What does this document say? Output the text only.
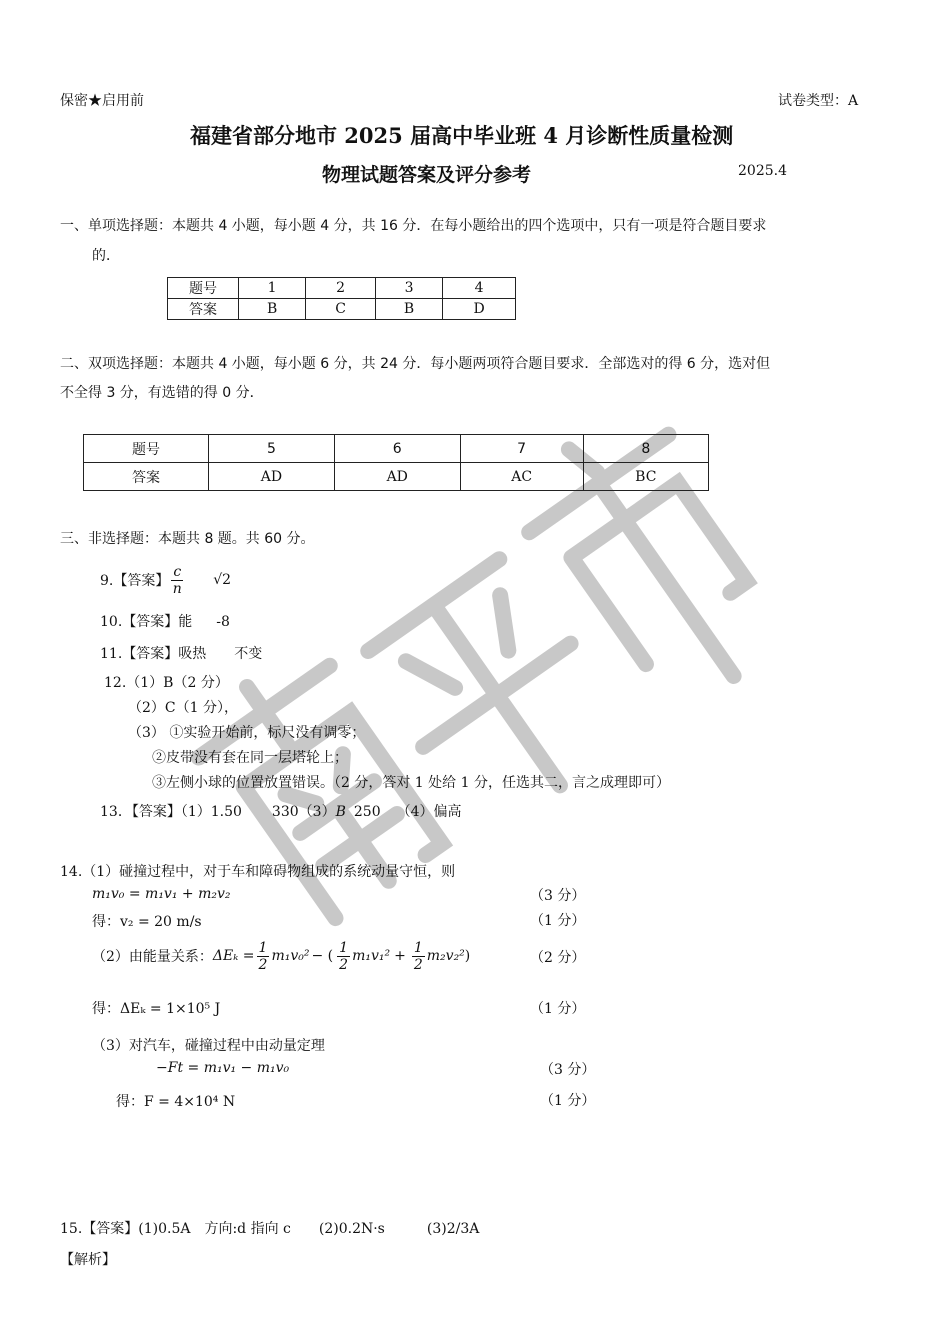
南平市
保密★启用前	试卷类型：A
福建省部分地市 2025 届高中毕业班 4 月诊断性质量检测
物理试题答案及评分参考	2025.4
一、单项选择题：本题共 4 小题，每小题 4 分，共 16 分．在每小题给出的四个选项中，只有一项是符合题目要求
的．
题号	1	2	3	4
答案	B	C	B	D
二、双项选择题：本题共 4 小题，每小题 6 分，共 24 分．每小题两项符合题目要求．全部选对的得 6 分，选对但
不全得 3 分，有选错的得 0 分．
题号	5	6	7	8
答案	AD	AD	AC	BC
三、非选择题：本题共 8 题。共 60 分。
9.【答案】 $\frac{c}{n} √2$
10.【答案】能 -8
11.【答案】吸热 不变
12.（1）B（2 分）
（2）C（1 分），
（3） ①实验开始前，标尺没有调零；
②皮带没有套在同一层塔轮上；
③左侧小球的位置放置错误。（2 分，答对 1 处给 1 分，任选其二，言之成理即可）
13．【答案】（1）1.50 330（3）B 250 （4）偏高
14.（1）碰撞过程中，对于车和障碍物组成的系统动量守恒，则
m₁v₀ = m₁v₁ + m₂v₂	（3 分）
得：v₂ = 20 m/s	（1 分）
（2）由能量关系： $\Delta E_k = \frac{1}{2} m_1v_0^2$ − ( $\frac{1}{2} m_1v_1^2 + \frac{1}{2} m_2v_2^2$ )	（2 分）
得：ΔEₖ = 1×10⁵ J	（1 分）
（3）对汽车，碰撞过程中由动量定理
−Ft = m₁v₁ − m₁v₀	（3 分）
得：F = 4×10⁴ N	（1 分）
15.【答案】(1)0.5A　方向:d 指向 c　　(2)0.2N·s　　　(3)2/3A
【解析】
